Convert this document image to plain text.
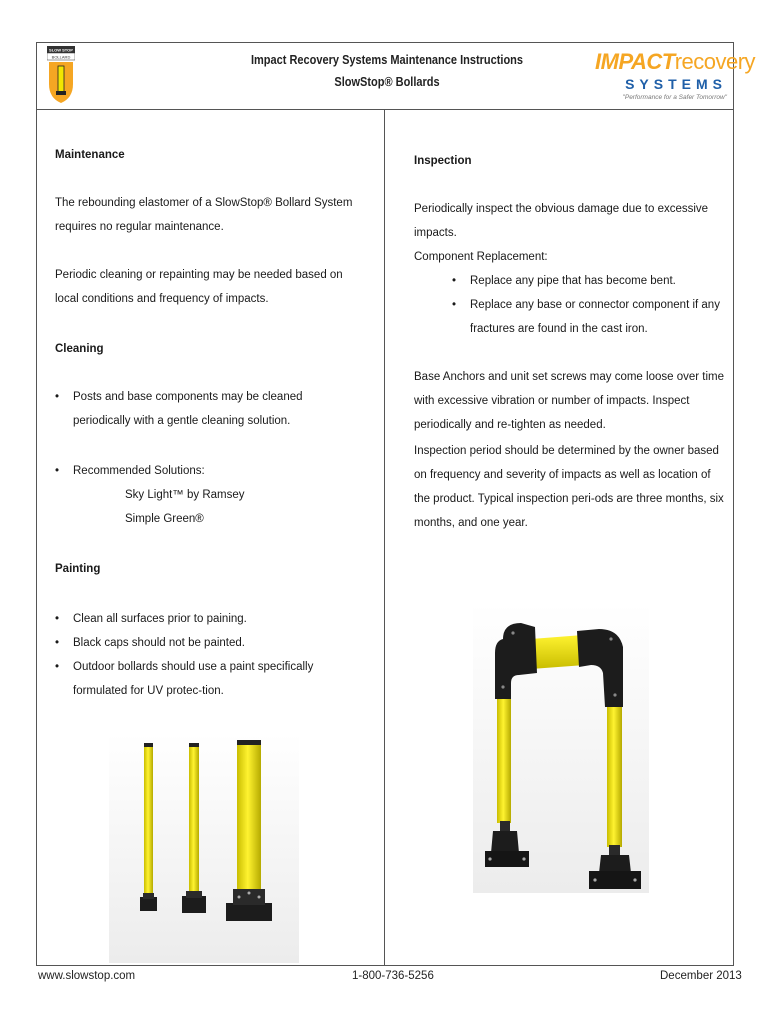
SLOW STOP
BOLLARD	Impact Recovery Systems Maintenance Instructions
SlowStop® Bollards
IMPACTrecovery
SYSTEMS
"Performance for a Safer Tomorrow"
Maintenance
The rebounding elastomer of a SlowStop® Bollard System requires no regular maintenance.
Periodic cleaning or repainting may be needed based on local conditions and frequency of impacts.
Cleaning
• Posts and base components may be cleaned periodically with a gentle cleaning solution.
• Recommended Solutions:
Sky Light™ by Ramsey
Simple Green®
Painting
• Clean all surfaces prior to paining.
• Black caps should not be painted.
• Outdoor bollards should use a paint specifically formulated for UV protec-tion.
Inspection
Periodically inspect the obvious damage due to excessive impacts.
Component Replacement:
• Replace any pipe that has become bent.
• Replace any base or connector component if any fractures are found in the cast iron.
Base Anchors and unit set screws may come loose over time with excessive vibration or number of impacts. Inspect periodically and re-tighten as needed.
Inspection period should be determined by the owner based on frequency and severity of impacts as well as location of the product. Typical inspection peri-ods are three months, six months, and one year.
www.slowstop.com	1-800-736-5256	December 2013
